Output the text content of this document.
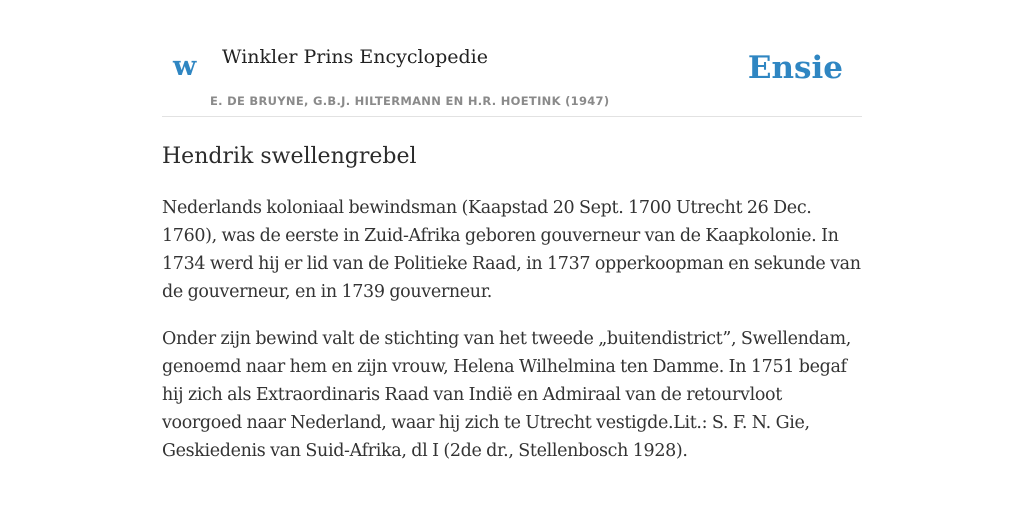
w Winkler Prins Encyclopedie
E. DE BRUYNE, G.B.J. HILTERMANN EN H.R. HOETINK (1947)
Ensie
Hendrik swellengrebel

Nederlands koloniaal bewindsman (Kaapstad 20 Sept. 1700 Utrecht 26 Dec. 1760), was de eerste in Zuid-Afrika geboren gouverneur van de Kaapkolonie. In 1734 werd hij er lid van de Politieke Raad, in 1737 opperkoopman en sekunde van de gouverneur, en in 1739 gouverneur.

Onder zijn bewind valt de stichting van het tweede „buitendistrict”, Swellendam, genoemd naar hem en zijn vrouw, Helena Wilhelmina ten Damme. In 1751 begaf hij zich als Extraordinaris Raad van Indië en Admiraal van de retourvloot voorgoed naar Nederland, waar hij zich te Utrecht vestigde.Lit.: S. F. N. Gie, Geskiedenis van Suid-Afrika, dl I (2de dr., Stellenbosch 1928).
